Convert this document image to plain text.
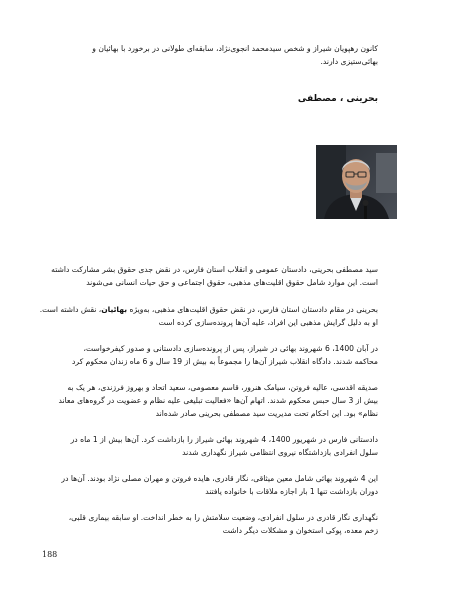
کانون رهپویان شیراز و شخص سیدمحمد انجوی‌نژاد، سابقه‌ای طولانی در برخورد با بهائیان و
بهائی‌ستیزی دارند.
بحرینی ، مصطفی
سید مصطفی بحرینی، دادستان عمومی و انقلاب استان فارس، در نقض جدی حقوق بشر مشارکت داشته
است. این موارد شامل حقوق اقلیت‌های مذهبی، حقوق اجتماعی و حق حیات انسانی می‌شوند
بحرینی در مقام دادستان استان فارس، در نقض حقوق اقلیت‌های مذهبی، به‌ویژه بهائیان، نقش داشته است.
او به دلیل گرایش مذهبی این افراد، علیه آن‌ها پرونده‌سازی کرده است
در آبان 1400، 6 شهروند بهائی در شیراز، پس از پرونده‌سازی دادستانی و صدور کیفرخواست،
محاکمه شدند. دادگاه انقلاب شیراز آن‌ها را مجموعاً به بیش از 19 سال و 6 ماه زندان محکوم کرد
صدیقه اقدسی، عالیه فروتن، سیامک هنرور، قاسم معصومی، سعید اتحاد و بهروز فرزندی، هر یک به
بیش از 3 سال حبس محکوم شدند. اتهام آن‌ها «فعالیت تبلیغی علیه نظام و عضویت در گروه‌های معاند
نظام» بود. این احکام تحت مدیریت سید مصطفی بحرینی صادر شده‌اند
دادستانی فارس در شهریور 1400، 4 شهروند بهائی شیراز را بازداشت کرد. آن‌ها بیش از 1 ماه در
سلول انفرادی بازداشتگاه نیروی انتظامی شیراز نگهداری شدند
این 4 شهروند بهائی شامل معین میثاقی، نگار قادری، هایده فروتن و مهران مصلی نژاد بودند. آن‌ها در
دوران بازداشت تنها 1 بار اجازه ملاقات با خانواده یافتند
نگهداری نگار قادری در سلول انفرادی، وضعیت سلامتش را به خطر انداخت. او سابقه بیماری قلبی،
زخم معده، پوکی استخوان و مشکلات دیگر داشت
188
